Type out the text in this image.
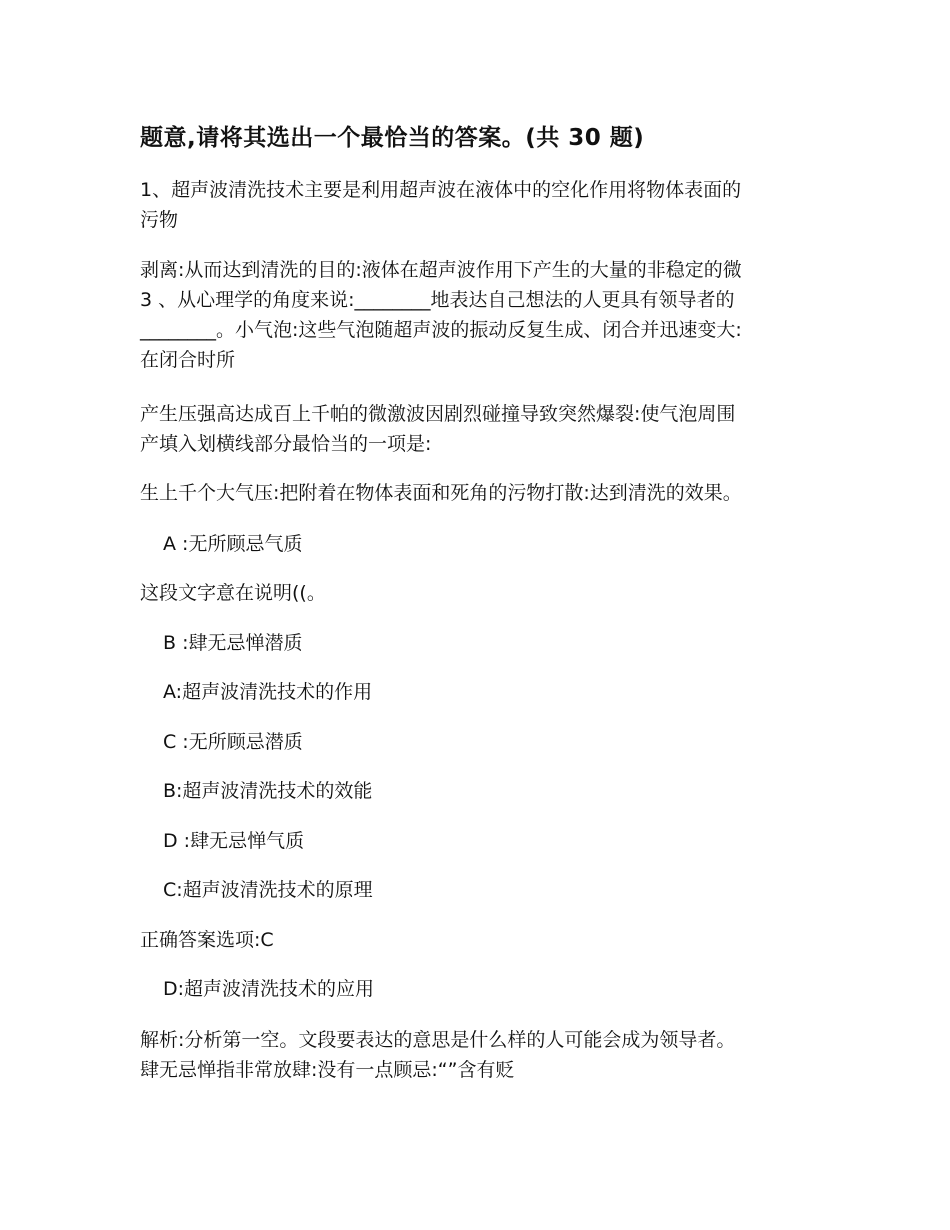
题意,请将其选出一个最恰当的答案。(共 30 题)

1、超声波清洗技术主要是利用超声波在液体中的空化作用将物体表面的
污物

剥离:从而达到清洗的目的:液体在超声波作用下产生的大量的非稳定的微
3 、从心理学的角度来说:________地表达自己想法的人更具有领导者的
________。小气泡:这些气泡随超声波的振动反复生成、闭合并迅速变大:
在闭合时所

产生压强高达成百上千帕的微激波因剧烈碰撞导致突然爆裂:使气泡周围
产填入划横线部分最恰当的一项是:

生上千个大气压:把附着在物体表面和死角的污物打散:达到清洗的效果。

A :无所顾忌气质
这段文字意在说明((。
B :肆无忌惮潜质
A:超声波清洗技术的作用
C :无所顾忌潜质
B:超声波清洗技术的效能
D :肆无忌惮气质
C:超声波清洗技术的原理
正确答案选项:C
D:超声波清洗技术的应用

解析:分析第一空。文段要表达的意思是什么样的人可能会成为领导者。
肆无忌惮指非常放肆:没有一点顾忌:“”含有贬
